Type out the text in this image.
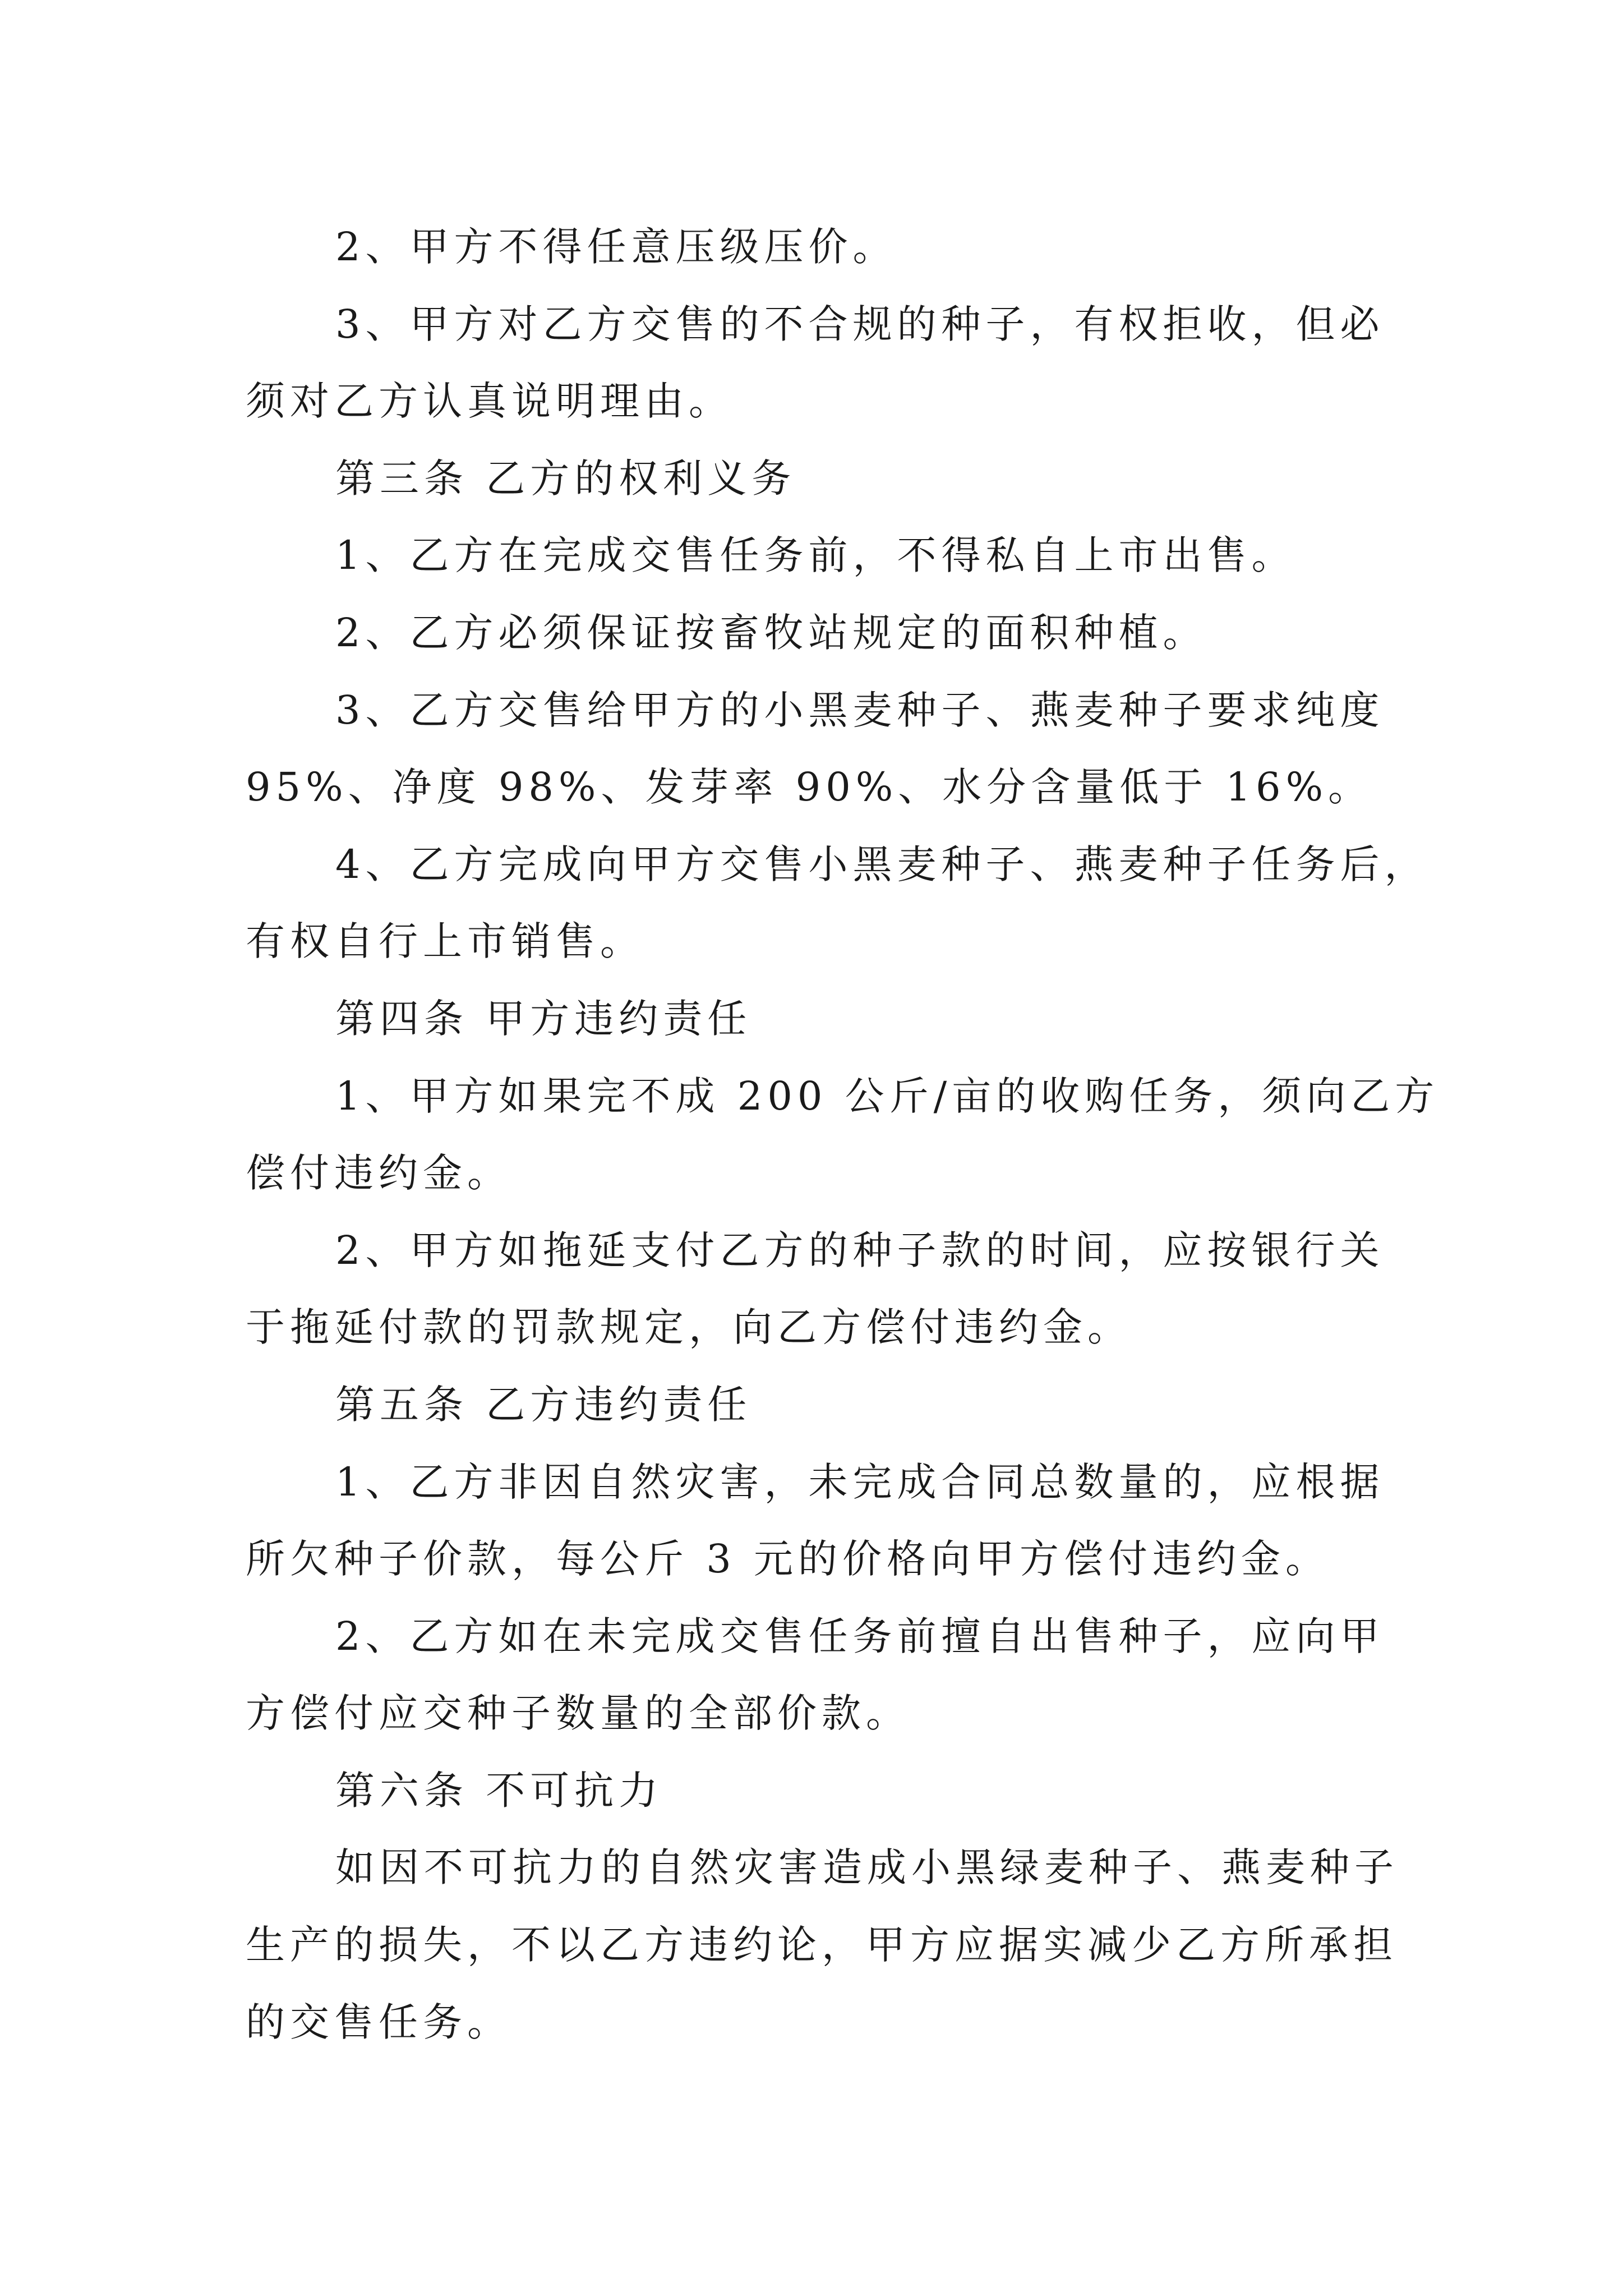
2、甲方不得任意压级压价。
3、甲方对乙方交售的不合规的种子，有权拒收，但必
须对乙方认真说明理由。
第三条 乙方的权利义务
1、乙方在完成交售任务前，不得私自上市出售。
2、乙方必须保证按畜牧站规定的面积种植。
3、乙方交售给甲方的小黑麦种子、燕麦种子要求纯度
95%、净度 98%、发芽率 90%、水分含量低于 16%。
4、乙方完成向甲方交售小黑麦种子、燕麦种子任务后，
有权自行上市销售。
第四条 甲方违约责任
1、甲方如果完不成 200 公斤/亩的收购任务，须向乙方
偿付违约金。
2、甲方如拖延支付乙方的种子款的时间，应按银行关
于拖延付款的罚款规定，向乙方偿付违约金。
第五条 乙方违约责任
1、乙方非因自然灾害，未完成合同总数量的，应根据
所欠种子价款，每公斤 3 元的价格向甲方偿付违约金。
2、乙方如在未完成交售任务前擅自出售种子，应向甲
方偿付应交种子数量的全部价款。
第六条 不可抗力
如因不可抗力的自然灾害造成小黑绿麦种子、燕麦种子
生产的损失，不以乙方违约论，甲方应据实减少乙方所承担
的交售任务。
